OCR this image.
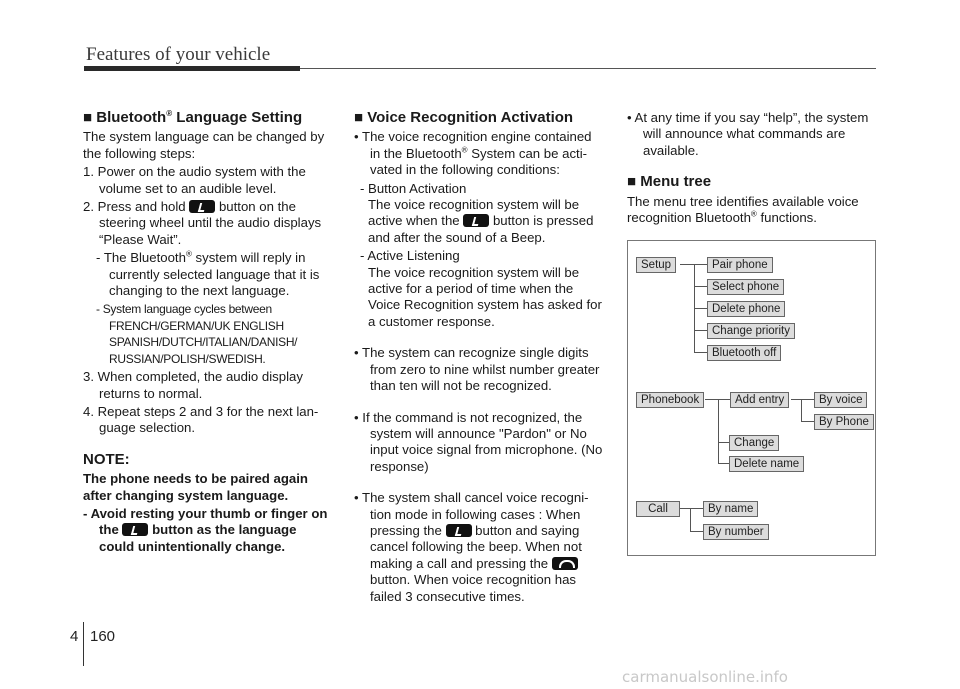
Features of your vehicle
■ Bluetooth® Language Setting
The system language can be changed by the following steps:
1. Power on the audio system with the volume set to an audible level.
2. Press and hold  button on the steering wheel until the audio displays “Please Wait”.
- The Bluetooth® system will reply in currently selected language that it is changing to the next language.
- System language cycles between FRENCH/GERMAN/UK ENGLISH SPANISH/DUTCH/ITALIAN/DANISH/ RUSSIAN/POLISH/SWEDISH.
3. When completed, the audio display returns to normal.
4. Repeat steps 2 and 3 for the next lan- guage selection.
NOTE:
The phone needs to be paired again after changing system language.
- Avoid resting your thumb or finger on the  button as the language could unintentionally change.
■ Voice Recognition Activation
• The voice recognition engine contained in the Bluetooth® System can be acti- vated in the following conditions:
- Button Activation
The voice recognition system will be active when the  button is pressed and after the sound of a Beep.
- Active Listening
The voice recognition system will be active for a period of time when the Voice Recognition system has asked for a customer response.
• The system can recognize single digits from zero to nine whilst number greater than ten will not be recognized.
• If the command is not recognized, the system will announce "Pardon" or No input voice signal from microphone. (No response)
• The system shall cancel voice recogni- tion mode in following cases : When pressing the  button and saying cancel following the beep. When not making a call and pressing the  button. When voice recognition has failed 3 consecutive times.
• At any time if you say “help”, the system will announce what commands are available.
■ Menu tree
The menu tree identifies available voice recognition Bluetooth® functions.
Setup	Pair phone
Select phone
Delete phone
Change priority
Bluetooth off
Phonebook	Add entry	By voice
By Phone
Change
Delete name
Call	By name
By number
4 160
carmanualsonline.info
